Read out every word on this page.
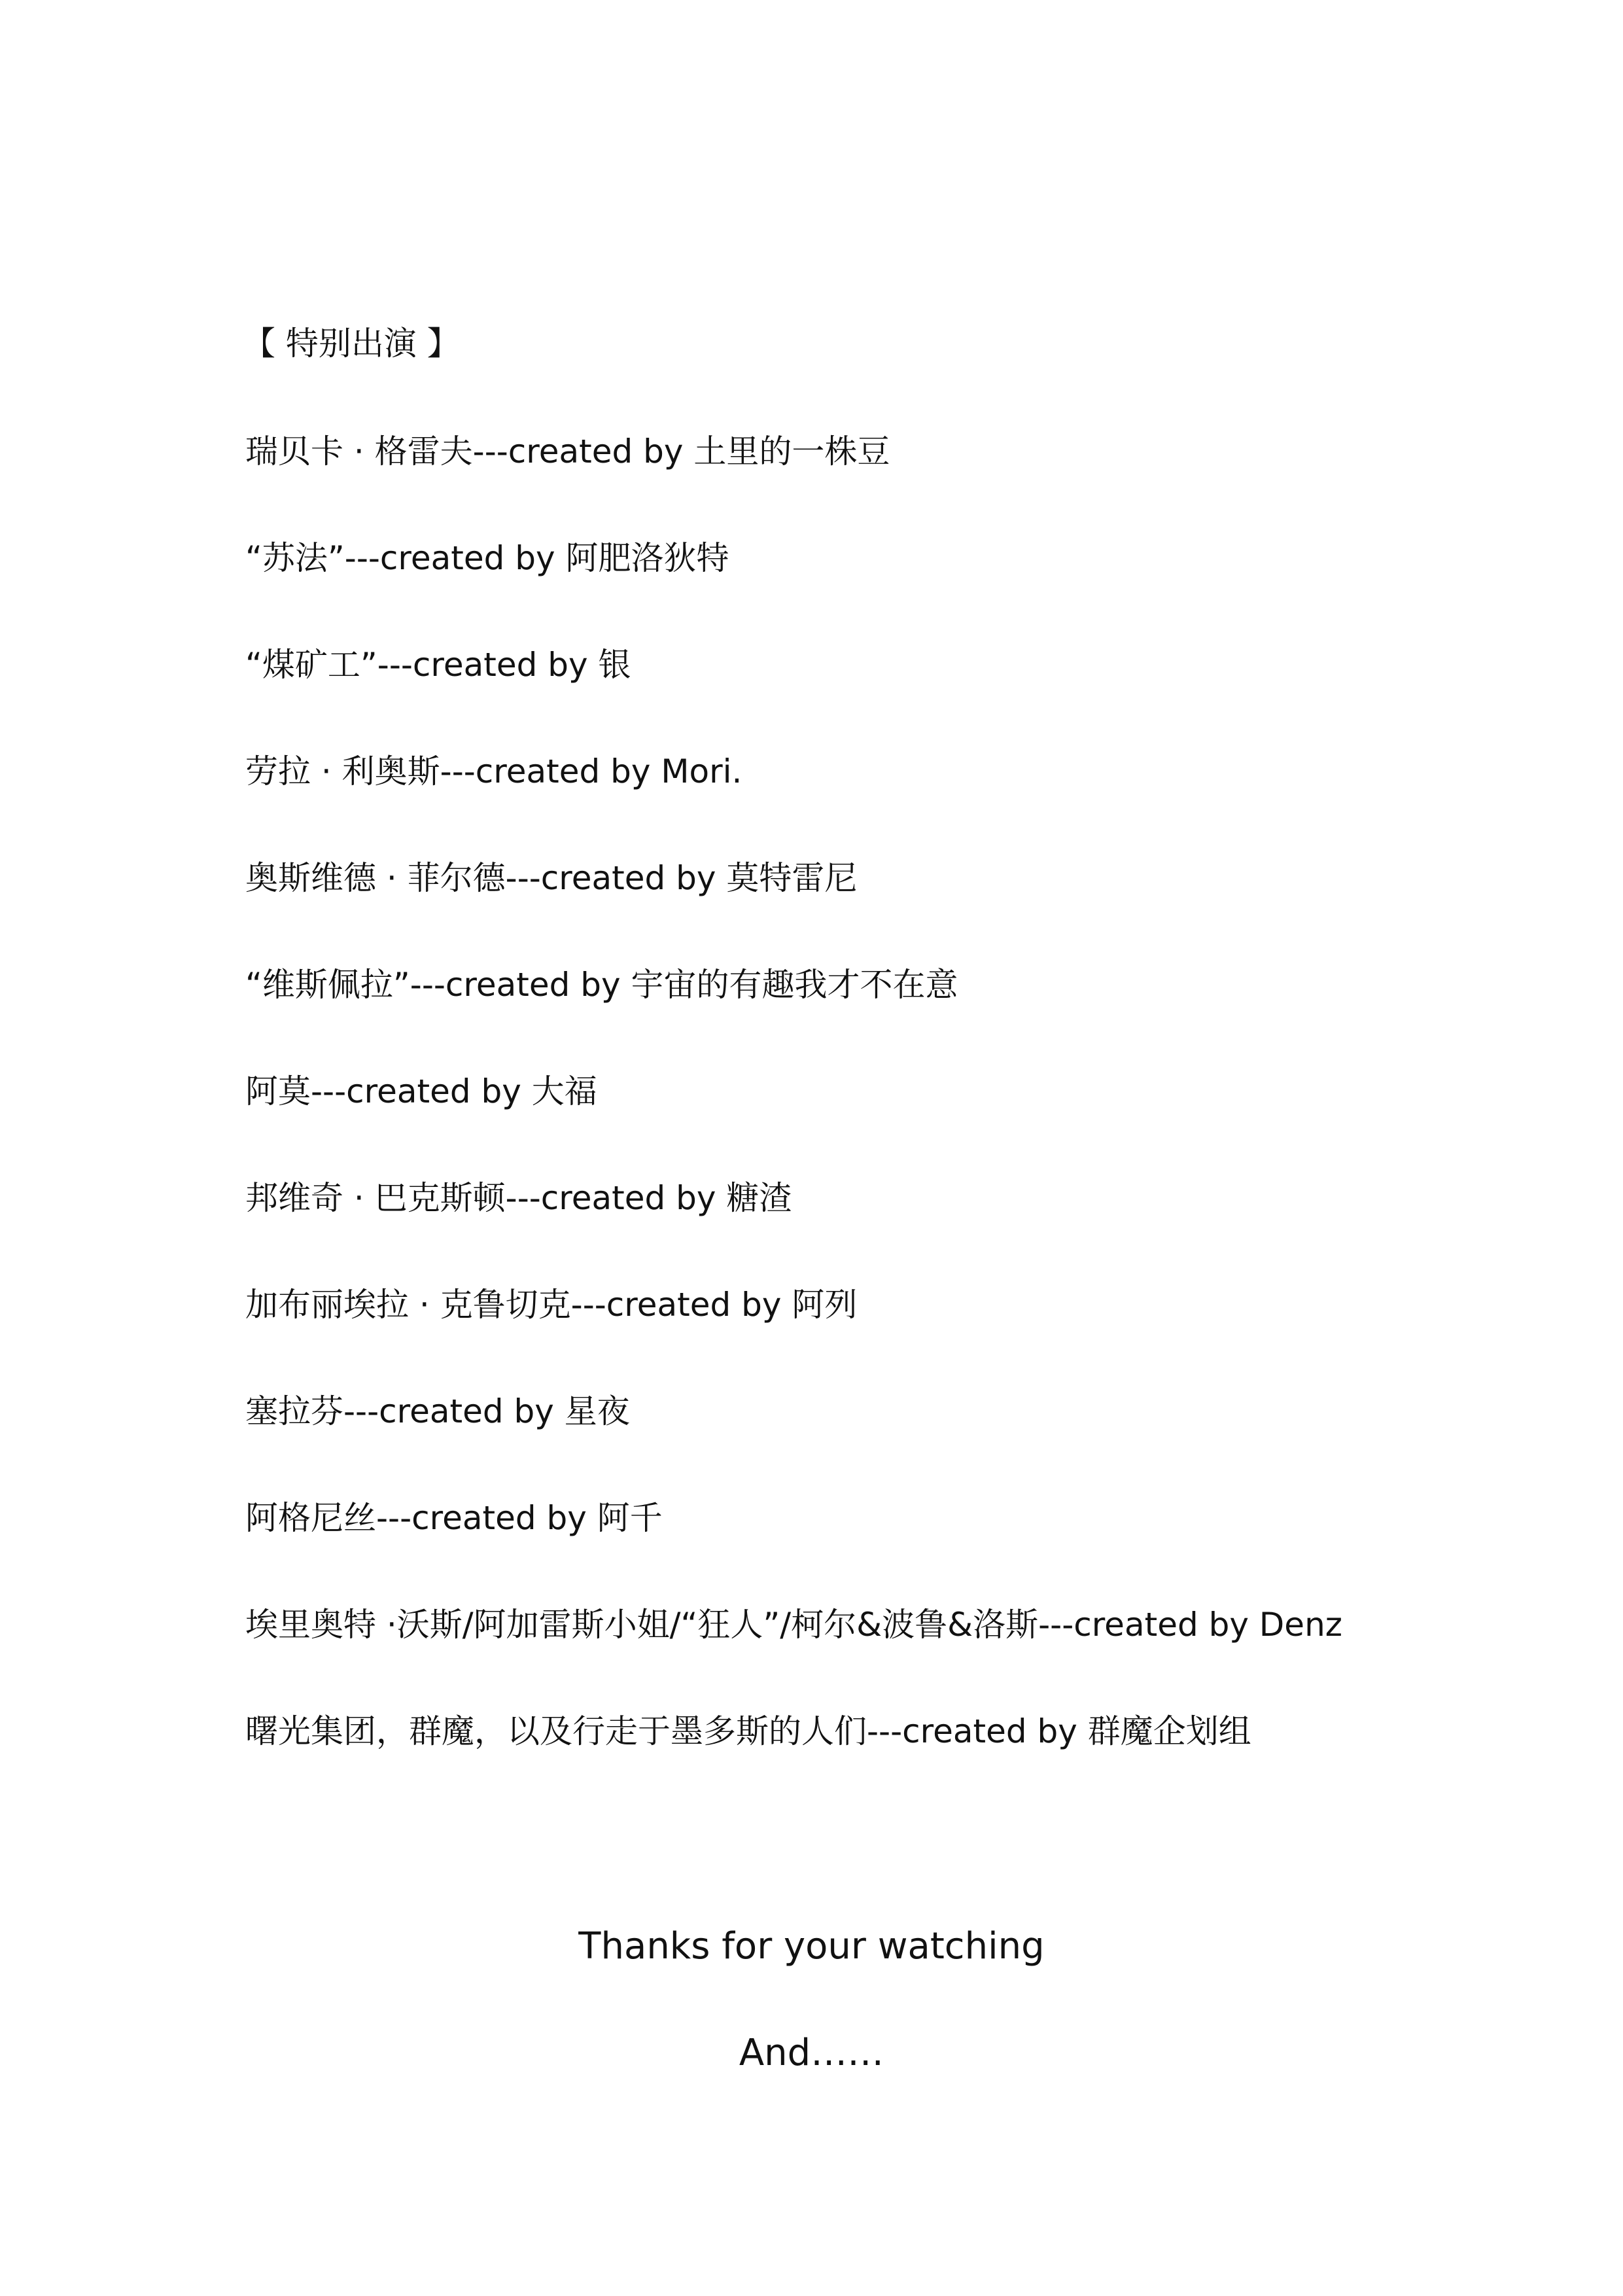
【 特别出演 】
瑞贝卡 · 格雷夫---created by 土里的一株豆
“苏法”---created by 阿肥洛狄特
“煤矿工”---created by 银
劳拉 · 利奥斯---created by Mori.
奥斯维德 · 菲尔德---created by 莫特雷尼
“维斯佩拉”---created by 宇宙的有趣我才不在意
阿莫---created by 大福
邦维奇 · 巴克斯顿---created by 糖渣
加布丽埃拉 · 克鲁切克---created by 阿列
塞拉芬---created by 星夜
阿格尼丝---created by 阿千
埃里奥特 ·沃斯/阿加雷斯小姐/“狂人”/柯尔&波鲁&洛斯---created by Denz
曙光集团，群魔，以及行走于墨多斯的人们---created by 群魔企划组
Thanks for your watching
And……
